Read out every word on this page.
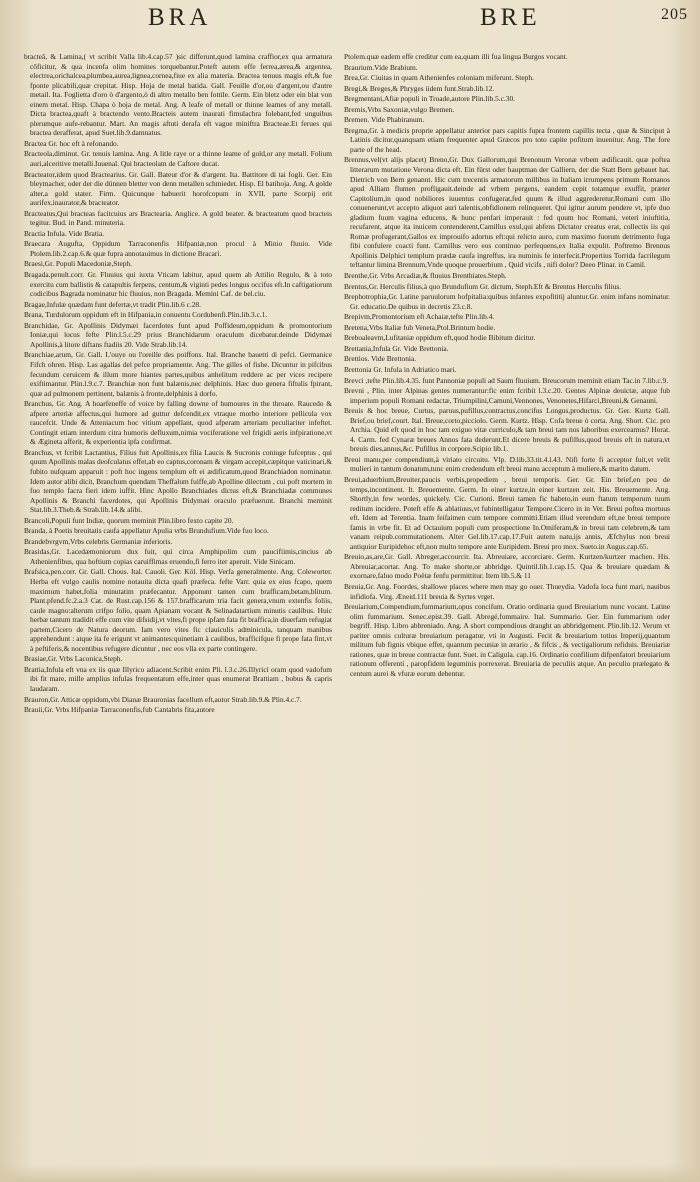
BRA	BRE	205

bracteã, & Lamina,( vt scribit Valla lib.4.cap.57 )sic differunt,quod lamina craffior,ex qua armatura cõficitur, & qua incenfa olim homines torquebantur.Poteft autem effe ferrea,ærea,& argentea, electrea,orichalcea,plumbea,aurea,lignea,cornea,fiue ex alia materia. Bractea tenuus magis eft,& fue fponte plicabili,quæ crepitat. Hisp. Hoja de metal batida. Gall. Feuille d'or,ou d'argent,ou d'autre metail. Ita. Foglietta d'oro ò d'argento,ò di altro metallo ben fottile. Germ. Ein bletz oder ein blat von einem metal. Hisp. Chapa ò hoja de metal. Ang. A leafe of metall or thinne leames of any metall. Dicta bractea,quaft à bractendo vento.Bracteis autem inaurati fimulachra folebant,fed unguibus plerumque aufe-rebantur. Mart. An magis aftuti derafa eft vague miniftra Bracteae.Et ferues qui bractea derafferat, apud Suet.lib.9.damnatus.

Bractea Gr. hoc eft à refonando.

Bracteola,diminut. Gr. tenuis lamina. Ang. A litle raye or a thinne leame of gold,or any metall. Folium auri,alceritive metalli.Iuuenal. Qui bracteolam de Caftore ducat.

Bracteator,idem quod Bractearius. Gr. Gall. Bateur d'or & d'argent. Ita. Battitore di tai fogli. Ger. Ein bleymacher, oder der die dünnen bletter von denn metallen schmiedet. Hisp. El batihoja. Ang. A golde alter,a gold stater. Firm. Quicunque habuerit horofcopum in XVII. parte Scorpij erit aurifex,inaurator,& bracteator.

Bracteatus,Qui bracteas facitcuius ars Bractearia. Anglice. A gold beater. & bracteatum quod bracteis tegitur. Bud. in Pand. minuteria.

Bractia Infula. Vide Bratia.

Braecara Augufta, Oppidum Tarraconenfis Hifpaniæ,non procul à Minio fluuio. Vide Ptolem.lib.2.cap.6.& quæ fupra annotauimus in dictione Bracari.

Braesi,Gr. Populi Macedoniæ,Steph.

Bragada.penult.corr. Gr. Fluuius qui iuxta Vticam labitur, apud quem ab Attilio Regulo, & à toto exercitu cum ballistis & catapultis ferpens, centum,& viginti pedes longus occifus eft.In caftigatiorum codicibus Bagrada nominatur hic fluuius, non Bragada. Memini Caf. de bel.ciu.

Bragae,Infulæ quædam funt defertæ,vt tradit Plin.lib.6 c.28.

Brana, Turdulorum oppidum eft in Hifpania,in conuentu Cordubenfi.Plin.lib.3.c.1.

Branchidae, Gr. Apollinis Didymæi facerdotes funt apud Poffideum,oppidum & promontorium Ioniæ,qui locus fefte Plin.l.5.c.29 prius Branchidarum oraculum dicebatur.deinde Didymæi Apollinis,à litore diftans ftadiis 20. Vide Strab.lib.14.

Branchiae,arum, Gr. Gall. L'ouye ou l'oreille des poiffons. Ital. Branche bauetti di pefci. Germanice Fifch ohren. Hisp. Las agallas del pefce propriamente. Ang. The gilles of fishe. Dicuntur in pifcibus fecundum ceruicem & illum more hiantes partes,quibus anhelitum reddere ac per vices recipere exiftimantur. Plin.l.9.c.7. Branchiæ non funt balænis,nec delphinis. Hæc duo genera fiftulis fpirant, quæ ad pulmonem pertinent, balænis à fronte,delphinis à dorfo.

Branchus, Gr. Ang. A hoarfeneffe of voice by falling downe of humoures in the throate. Raucedo & afpere arteriæ affectus,qui humore ad guttur defcendit,ex vtraque morbo interiore pellicula vox raucefcit. Unde & Atteniacum hoc vitium appellant, quod afperam arteriam peculiariter infeftet. Contingit etiam interdum citra humoris defluxum,nimia vociferatione vel frigidi aeris infpiratione,vt & Ægineta afferit, & experientia ipfa confirmat.

Branchus, vt fcribit Lactantius, Filius fuit Apollinis,ex filia Laucis & Sucronis coniuge fufceptus , qui quum Apollinis malas deofculatus effet,ab eo captus,coronam & virgam accepit,cæpitque vaticinari,& fubito nufquam apparuit : poft hoc ingens templum eft ei ædificatum,quod Branchiadon nominatur. Idem autor alibi dicit, Branchum quendam Theffalum fuiffe,ab Apolline dilectum , cui poft mortem in fuo templo facra fieri idem iuffit. Hinc Apollo Branchiades dictus eft,& Branchiadæ communes Apollinis & Branchi facerdotes, qui Apollinis Didymæi oraculo præfuerunt. Branchi meminit Stat.lib.3.Theb.& Strab.lib.14.& alibi.

Brancoli,Populi funt Indiæ, quorum meminit Plin.libro fexto capite 20.

Branda, à Poetis breuitatis caufa appellatur Apulia vrbs Brundufium.Vide fuo loco.

Brandebvrgvm,Vrbs celebris Germaniæ inferioris.

Brasidas,Gr. Lacedæmoniorum dux fuit, qui circa Amphipolim cum paucifiimis,cincius ab Athenienfibus, qua hoftium copias caruiffimas eruendo,fi ferro iter aperuit. Vide Sinicam.

Brafsica,pen.corr. Gr. Gall. Chous. Ital. Cauoli. Ger. Köl. Hisp. Verfa generalmente. Ang. Coleworter. Herba eft vulgo caulis nomine notauita dicta quafi præfeca. fefte Varr. quia ex eius fcapo, quem maximum habet,folia minutatim præfecantur. Apponunt tamen cum brafficam,betam,blitum. Plant.pfend.fc.2.a.3 Cat. de Rust.cap.156 & 157.brafficarum tria facit genera,vnum extenfis foliis, caule magno:alterum crifpo folio, quam Apianam vocant & Selinadatartium minutis caulibus. Huic herbæ tantum tradidit effe cum vite difsidij,vt vites,fi prope ipfam fata fit braffica,in diuerfam refugiat partem,Cicero de Natura deorum. Iam vero vites fic clauiculis adminicula, tanquam manibus apprehendunt : atque ita fe erigunt vt animantes:quinetiam à caulibus, brafficifque fi prope fata fint,vt à peftiferis,& nocentibus refugere dicuntur , nec eos vlla ex parte contingere.

Brasiae,Gr. Vrbs Laconica,Steph.

Brattia,Infula eft vna ex iis quæ Illyrico adiacent.Scribit enim Pli. l.3.c.26.Illyricí oram quod vadofum ibi fit mare, mille amplius infulas frequentatum effe,inter quas enumerat Brattiam , bobus & capris laudaram.

Brauron,Gr. Atticæ oppidum,vbi Dianæ Brauronias facellum eft,autor Strab.lib.9.& Plin.4.c.7.

Brauii,Gr. Vrbs Hifpaniæ Tarraconenfis,fub Cantabris fita,autore

Ptolem.quæ eadem effe creditur cum ea,quam illi fua lingua Burgos vocant.

Braurium.Vide Brabium.

Brea,Gr. Ciuitas in quam Athenienfes coloniam miferunt. Steph.

Bregi,& Breges,& Phryges iidem funt.Strab.lib.12.

Bregmentani,Afiæ populi in Troade,autore Plin.lib.5.c.30.

Bremis,Vrbs Saxoniæ,vulgo Bremen.

Bremen. Vide Phabiranum.

Bregma,Gr. à medicis proprie appellatur anterior pars capitis fupra frontem capillis tecta , quæ & Sinciput à Latinis dicitur,quanquam etiam frequenter apud Græcos pro toto capite pofitum inuenitur. Ang. The fore parte of the head.

Brennus,vel(vt alijs placet) Breno,Gr. Dux Gallorum,qui Brenonum Veronæ vrbem ædificauit. quæ poftea litterarum mutatione Verona dicta eft. Ein fürst oder hauptman der Galliern, der die Statt Bern gebauet hat. Dietrich von Bern genannt. Hic cum trecentis armatorum millibus in Italiam irrumpens primum Romanos apud Alliam flumen profligauit.deinde ad vrbem pergens, eandem cepit totamque exuffit, præter Capitolium,in quod nobiliores iuuentus confugerat,fed quum & illud aggrederetur,Romani cum illo conuenerunt,vt accepto aliquot auri talentis,obfidionem relinqueret. Qui igitur aurum pendere vt, ipfe duo gladium fuum vagina educens, & hunc penfari imperauit : fed quum hoc Romani, veteri iniuftitia, recufarent, atque ita inuicem contenderent,Camillus exul,qui abfens Dictator creatus erat, collectis iis qui Romæ profugerant,Gallos ex improuifo adortus eft:qui relicto auro, cum maximo fuorum detrimento fuga fibi confulere coacti funt. Camillus vero eos continuo perfequens,ex Italia expulit. Poftremo Brennus Apollinis Delphici templum prædæ caufa ingreffus, ira numinis fe interfecit.Propertius Torrida facrilegum teftantur limina Brennum,Vnde quoque prouerbium , Quid vicifs , nifi dolor? Deeo Plinar. in Camil.

Brenthe,Gr. Vrbs Arcadiæ,& fluuius Brenthiates.Steph.

Brentus,Gr. Herculis filius,à quo Brundufium Gr. dictum, Steph.Eft & Brentus Herculis filius.

Brephotrophia,Gr. Latine paruulorum hofpitalia:quibus infantes expofititij aluntur.Gr. enim infans nominatur. Gr. educatio.De quibus in decretis 23.c.8.

Brepivm,Promontorium eft Achaiæ,tefte Plin.lib.4.

Bretena,Vrbs Italiæ fub Veneta,Ptol.Brintum hodie.

Breboaleavm,Lufitaniæ oppidum eft,quod hodie Bibitum dicitur.

Brettania,Infula Gr. Vide Brettonia.

Brettios. Vide Brettonia.

Brettonia Gr. Infula in Adriatico mari.

Brevci ,tefte Plin.lib.4.35. funt Pannoniæ populi ad Saum fluuium. Breucorum meminit etiam Tac.in 7.lib.c.9.

Brevni , Plin. inter Alpinas gentes numerantur:fic enim fcribit l.3.c.20. Gentes Alpinæ deuictæ, atque fub imperium populi Romani redactæ, Triumpilini,Camuni,Vennones, Venonetes,Hifarci,Breuni,& Genauni.

Breuis & hoc breue, Curtus, paruus,pufillus,contractus,concifus Longus,productus. Gr. Ger. Kurtz Gall. Brief,ou brief,court. Ital. Breue,corto,picciolo. Germ. Kurtz. Hisp. Cofa breue ò corta. Ang. Short. Cic. pro Archia. Quid eft quod in hoc tam exiguo vitæ curriculo,& tam breui tam nos laboribus exerceamus? Horat. 4. Carm. fed Cynaræ breues Annos fata dederunt.Et dicere breuis & pufillus,quod breuis eft in natura,vt breuis dies,annus,&c. Pufillus in corpore.Scipio lib.1.

Breui manu,per compendium,à viriato circuitu. Vlp. D.lib.33.tit.4.l.43. Nifi forte fi acceptor fuit,vt velit mulieri in tantum donatum,tunc enim credendum eft breui manu acceptum à muliere,& marito datum.

Breui,aduerbium,Breuiter,paucis verbis,propediem , breui temporis. Ger. Gr. Ein brief,en peu de temps,incontinent. It. Breuemente. Germ. In einer kurtze,in einer kurtzen zeit. His. Breuemente. Ang. Shortly,in few wordes, quickely. Cic. Curioni. Breui tamen fic habeto,in eum ftatum temporum tuum reditum incidere. Poteft effe & ablatiuus,vt fubintelligatur Tempore.Cicero in in Ver. Breui poftea mortuus eft. Idem ad Terentia. Inam feifaimen cum tempore committi.Etiam illud verendum eft,ne breui tempore famis in vrbe fit. Et ad Octauium populi cum prospectione In.Omiferam,& in breui tam celebrem,& tam vanam reipub.commutationem. Alter Gel.lib.17.cap.17.Fuit autem natu,ijs annis, Æfchylus non breui antiquior Euripidehoc eft,non multo tempore ante Euripidem. Breui pro mox. Sueto.in Augus.cap.65.

Breuio,as,are,Gr. Gall. Abreger,accourcir. Ita. Abreuiare, accorciare. Germ. Kurtzen/kurtzer machen. His. Abreuiar,acortar. Ang. To make shorte,or abbridge. Quintil.lib.1.cap.15. Qua & breuiare quædam & exornare,faluo modo Poëtæ fenfu permittitur. Item lib.5.& 11

Breuia,Gr. Ang. Foordes, shallowe places where men may go ouer. Thueydia. Vadofa loca funt mari, nauibus infidiofa. Virg. Æneid.111 breuia & Syrtes vrget.

Breuiarium,Compendium,fummarium,opus concifum. Oratio ordinaria quod Breuiarium nunc vocant. Latine olim fummarium. Senec.epist.39. Gall. Abregé,fommaire. Ital. Summario. Ger. Ein fummarium oder begriff. Hisp. Libro abbreniado. Ang. A short compendious draught an abbridgement. Plin.lib.12. Verum vt pariter omnis culturæ breuiarium peragatur, vti in Augusti. Fecit & breuiarium totius Imperij,quantum militum fub fignis vbique effet, quantum pecuniæ in ærario , & fifcis , & vectigaliorum refiduis. Breuiariæ rationes, quæ in breue contractæ funt. Suet. in Caligula. cap.16. Ordinario confilium difpenfatori breuiarium rationum offerenti , paropfidem leguminis porrexerat. Breuiaria de peculiis atque. An peculio prælegato & centum aurei & vfuræ eorum debentur.
